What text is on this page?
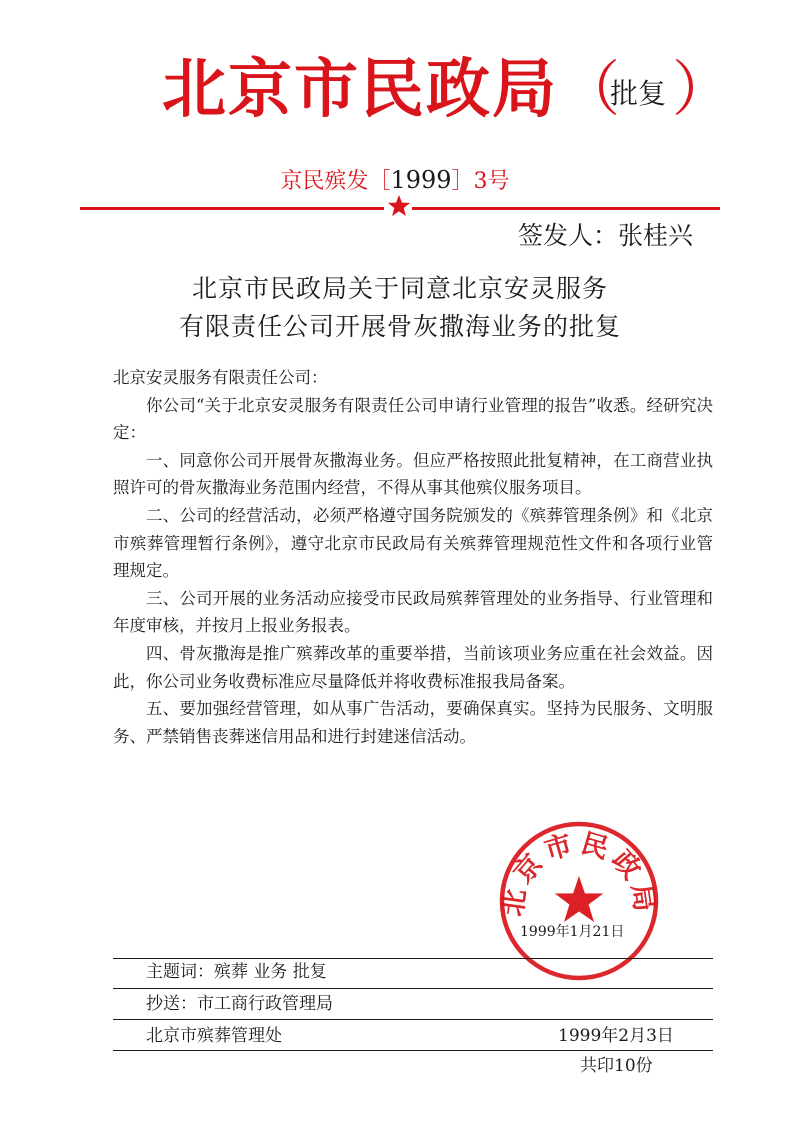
北京市民政局 （
批复 ）
京民殡发［1999］3号
签发人：张桂兴
北京市民政局关于同意北京安灵服务
有限责任公司开展骨灰撒海业务的批复

北京安灵服务有限责任公司：

你公司“关于北京安灵服务有限责任公司申请行业管理的报告”收悉。经研究决定：

一、同意你公司开展骨灰撒海业务。但应严格按照此批复精神，在工商营业执照许可的骨灰撒海业务范围内经营，不得从事其他殡仪服务项目。

二、公司的经营活动，必须严格遵守国务院颁发的《殡葬管理条例》和《北京市殡葬管理暂行条例》，遵守北京市民政局有关殡葬管理规范性文件和各项行业管理规定。

三、公司开展的业务活动应接受市民政局殡葬管理处的业务指导、行业管理和年度审核，并按月上报业务报表。

四、骨灰撒海是推广殡葬改革的重要举措，当前该项业务应重在社会效益。因此，你公司业务收费标准应尽量降低并将收费标准报我局备案。

五、要加强经营管理，如从事广告活动，要确保真实。坚持为民服务、文明服务、严禁销售丧葬迷信用品和进行封建迷信活动。

北京市民政局
1999年1月21日
主题词：殡葬 业务 批复
抄送：市工商行政管理局
北京市殡葬管理处	1999年2月3日
共印10份
